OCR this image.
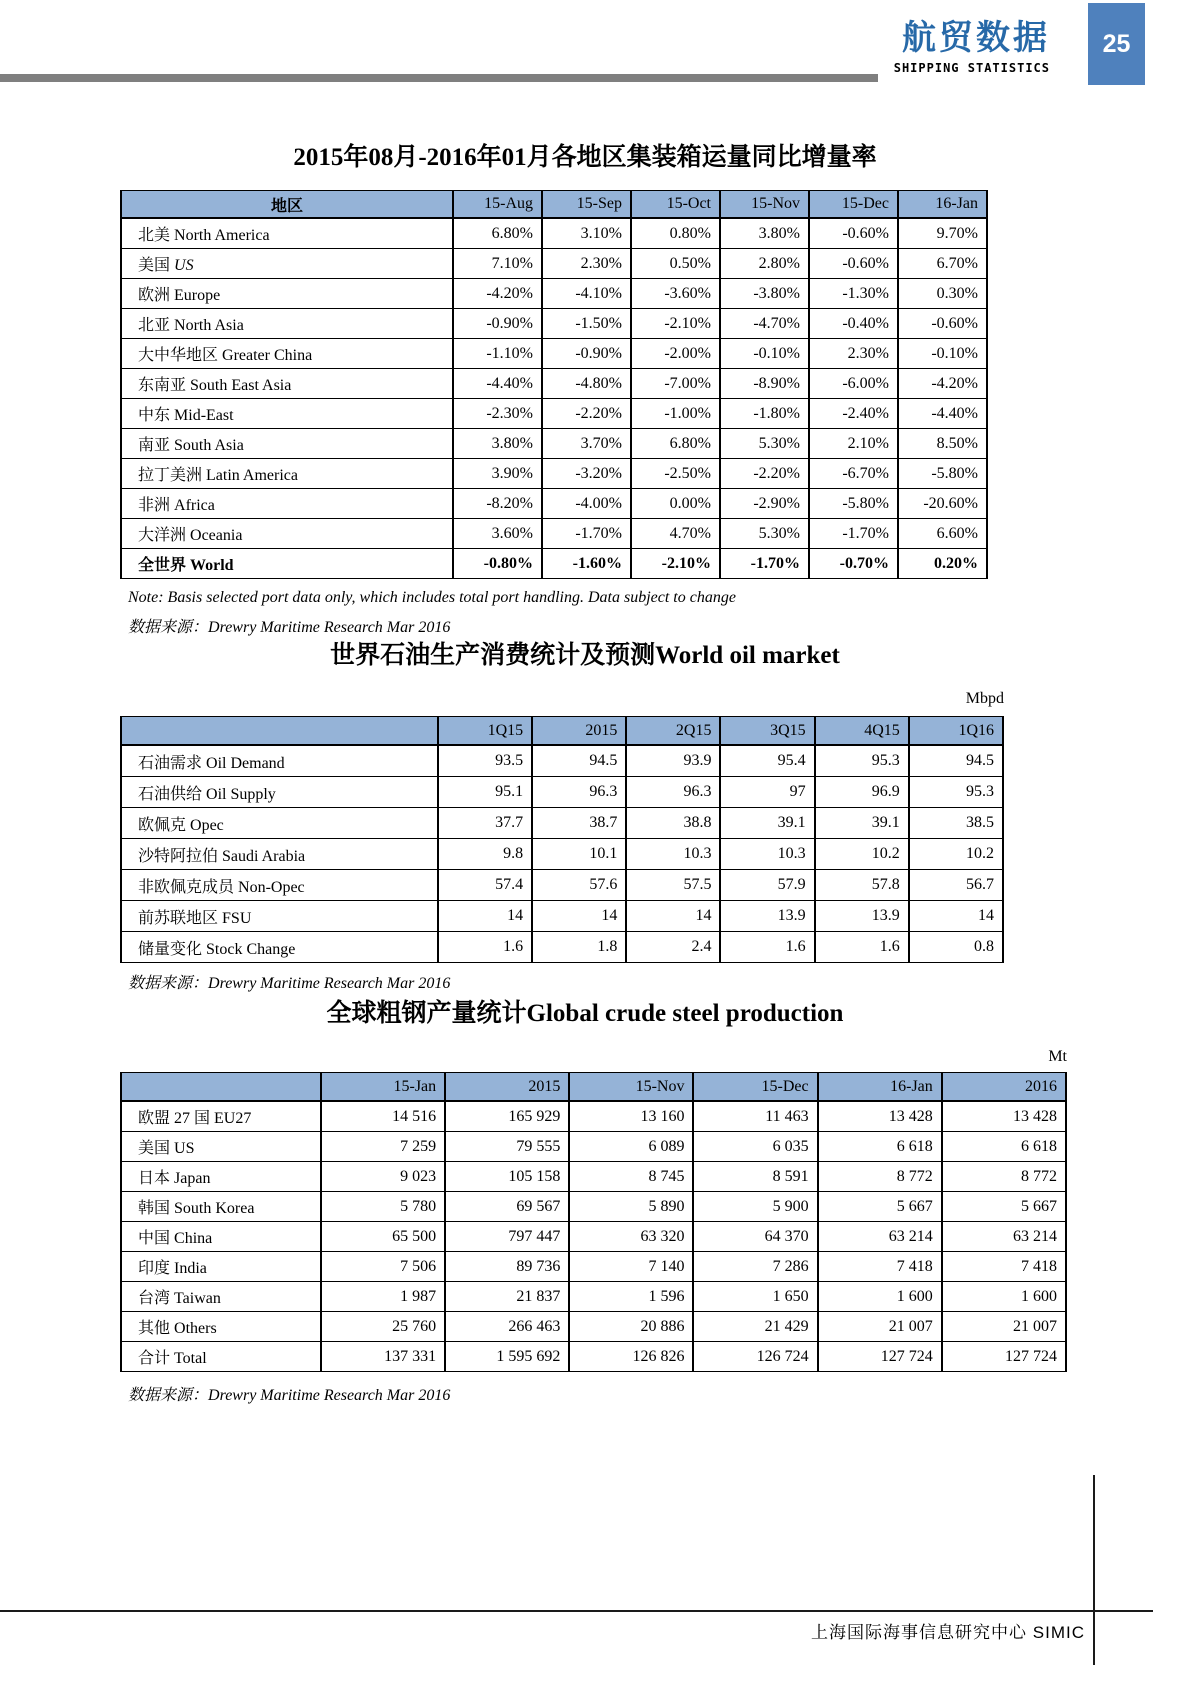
航贸数据
SHIPPING STATISTICS
25
2015年08月-2016年01月各地区集装箱运量同比增量率
地区	15-Aug	15-Sep	15-Oct	15-Nov	15-Dec	16-Jan
北美 North America	6.80%	3.10%	0.80%	3.80%	-0.60%	9.70%
美国 US	7.10%	2.30%	0.50%	2.80%	-0.60%	6.70%
欧洲 Europe	-4.20%	-4.10%	-3.60%	-3.80%	-1.30%	0.30%
北亚 North Asia	-0.90%	-1.50%	-2.10%	-4.70%	-0.40%	-0.60%
大中华地区 Greater China	-1.10%	-0.90%	-2.00%	-0.10%	2.30%	-0.10%
东南亚 South East Asia	-4.40%	-4.80%	-7.00%	-8.90%	-6.00%	-4.20%
中东 Mid-East	-2.30%	-2.20%	-1.00%	-1.80%	-2.40%	-4.40%
南亚 South Asia	3.80%	3.70%	6.80%	5.30%	2.10%	8.50%
拉丁美洲 Latin America	3.90%	-3.20%	-2.50%	-2.20%	-6.70%	-5.80%
非洲 Africa	-8.20%	-4.00%	0.00%	-2.90%	-5.80%	-20.60%
大洋洲 Oceania	3.60%	-1.70%	4.70%	5.30%	-1.70%	6.60%
全世界 World	-0.80%	-1.60%	-2.10%	-1.70%	-0.70%	0.20%

Note: Basis selected port data only, which includes total port handling. Data subject to change

数据来源：Drewry Maritime Research Mar 2016

世界石油生产消费统计及预测World oil market
Mbpd
	1Q15	2015	2Q15	3Q15	4Q15	1Q16
石油需求 Oil Demand	93.5	94.5	93.9	95.4	95.3	94.5
石油供给 Oil Supply	95.1	96.3	96.3	97	96.9	95.3
欧佩克 Opec	37.7	38.7	38.8	39.1	39.1	38.5
沙特阿拉伯 Saudi Arabia	9.8	10.1	10.3	10.3	10.2	10.2
非欧佩克成员 Non-Opec	57.4	57.6	57.5	57.9	57.8	56.7
前苏联地区 FSU	14	14	14	13.9	13.9	14
储量变化 Stock Change	1.6	1.8	2.4	1.6	1.6	0.8

数据来源：Drewry Maritime Research Mar 2016

全球粗钢产量统计Global crude steel production
Mt
	15-Jan	2015	15-Nov	15-Dec	16-Jan	2016
欧盟 27 国 EU27	14 516	165 929	13 160	11 463	13 428	13 428
美国 US	7 259	79 555	6 089	6 035	6 618	6 618
日本 Japan	9 023	105 158	8 745	8 591	8 772	8 772
韩国 South Korea	5 780	69 567	5 890	5 900	5 667	5 667
中国 China	65 500	797 447	63 320	64 370	63 214	63 214
印度 India	7 506	89 736	7 140	7 286	7 418	7 418
台湾 Taiwan	1 987	21 837	1 596	1 650	1 600	1 600
其他 Others	25 760	266 463	20 886	21 429	21 007	21 007
合计 Total	137 331	1 595 692	126 826	126 724	127 724	127 724

数据来源：Drewry Maritime Research Mar 2016

上海国际海事信息研究中心 SIMIC
